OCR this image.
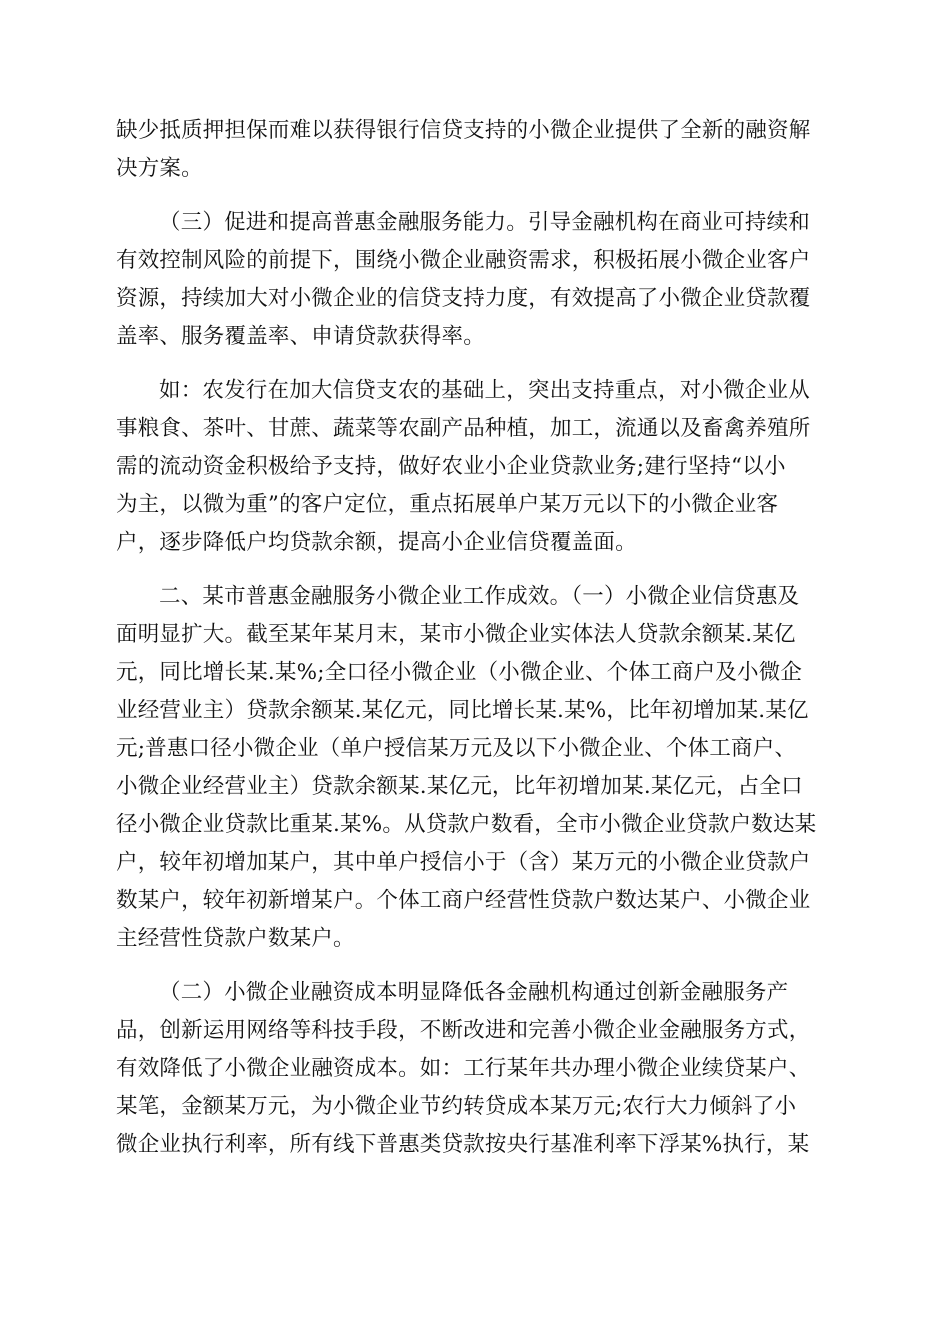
缺少抵质押担保而难以获得银行信贷支持的小微企业提供了全新的融资解
决方案。

（三）促进和提高普惠金融服务能力。引导金融机构在商业可持续和
有效控制风险的前提下，围绕小微企业融资需求，积极拓展小微企业客户
资源，持续加大对小微企业的信贷支持力度，有效提高了小微企业贷款覆
盖率、服务覆盖率、申请贷款获得率。

如：农发行在加大信贷支农的基础上，突出支持重点，对小微企业从
事粮食、茶叶、甘蔗、蔬菜等农副产品种植，加工，流通以及畜禽养殖所
需的流动资金积极给予支持，做好农业小企业贷款业务;建行坚持“以小
为主，以微为重”的客户定位，重点拓展单户某万元以下的小微企业客
户，逐步降低户均贷款余额，提高小企业信贷覆盖面。

二、某市普惠金融服务小微企业工作成效。（一）小微企业信贷惠及
面明显扩大。截至某年某月末，某市小微企业实体法人贷款余额某.某亿
元，同比增长某.某%;全口径小微企业（小微企业、个体工商户及小微企
业经营业主）贷款余额某.某亿元，同比增长某.某%，比年初增加某.某亿
元;普惠口径小微企业（单户授信某万元及以下小微企业、个体工商户、
小微企业经营业主）贷款余额某.某亿元，比年初增加某.某亿元，占全口
径小微企业贷款比重某.某%。从贷款户数看，全市小微企业贷款户数达某
户，较年初增加某户，其中单户授信小于（含）某万元的小微企业贷款户
数某户，较年初新增某户。个体工商户经营性贷款户数达某户、小微企业
主经营性贷款户数某户。

（二）小微企业融资成本明显降低各金融机构通过创新金融服务产
品，创新运用网络等科技手段，不断改进和完善小微企业金融服务方式，
有效降低了小微企业融资成本。如：工行某年共办理小微企业续贷某户、
某笔，金额某万元，为小微企业节约转贷成本某万元;农行大力倾斜了小
微企业执行利率，所有线下普惠类贷款按央行基准利率下浮某%执行，某
